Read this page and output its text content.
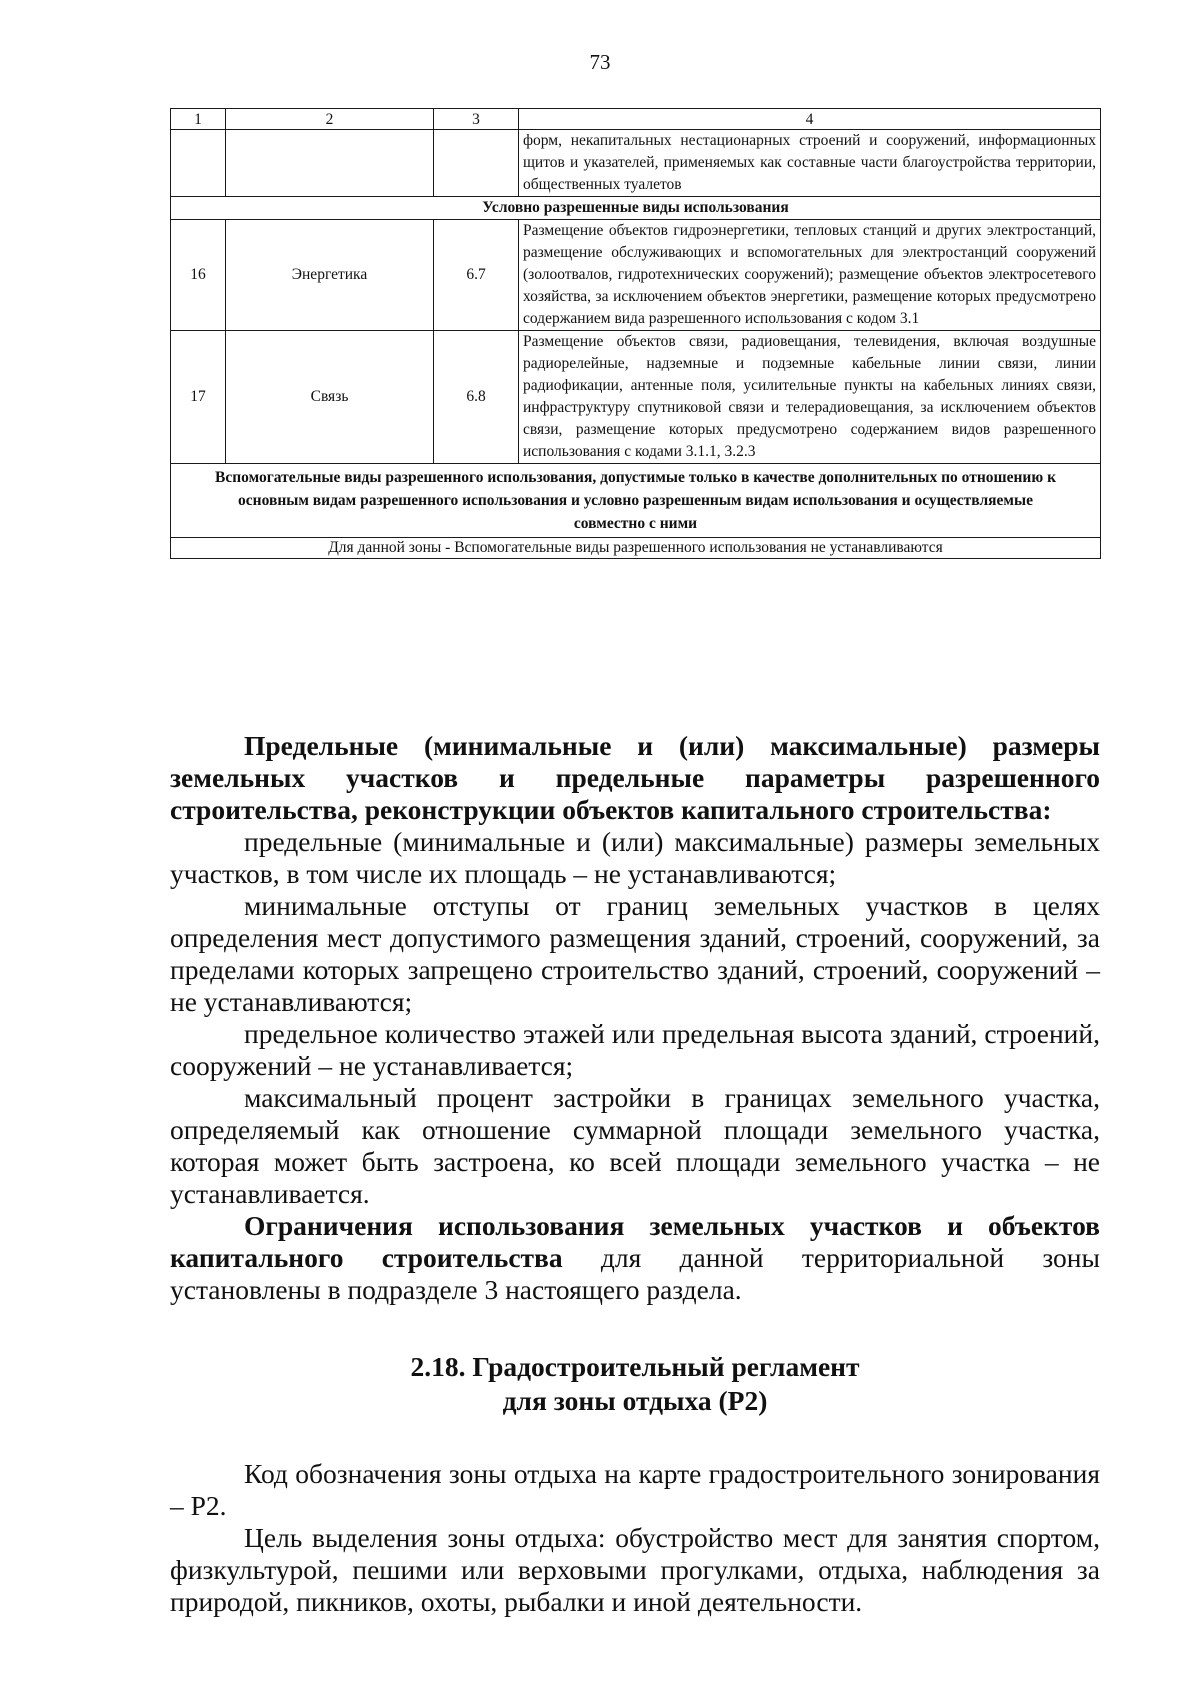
73
1	2	3	4
			форм, некапитальных нестационарных строений и сооружений, информационных щитов и указателей, применяемых как составные части благоустройства территории, общественных туалетов
Условно разрешенные виды использования			
16	Энергетика	6.7	Размещение объектов гидроэнергетики, тепловых станций и других электростанций, размещение обслуживающих и вспомогательных для электростанций сооружений (золоотвалов, гидротехнических сооружений); размещение объектов электросетевого хозяйства, за исключением объектов энергетики, размещение которых предусмотрено содержанием вида разрешенного использования с кодом 3.1
17	Связь	6.8	Размещение объектов связи, радиовещания, телевидения, включая воздушные радиорелейные, надземные и подземные кабельные линии связи, линии радиофикации, антенные поля, усилительные пункты на кабельных линиях связи, инфраструктуру спутниковой связи и телерадиовещания, за исключением объектов связи, размещение которых предусмотрено содержанием видов разрешенного использования с кодами 3.1.1, 3.2.3
Вспомогательные виды разрешенного использования, допустимые только в качестве дополнительных по отношению к основным видам разрешенного использования и условно разрешенным видам использования и осуществляемые совместно с ними			
Для данной зоны - Вспомогательные виды разрешенного использования не устанавливаются			

Предельные (минимальные и (или) максимальные) размеры земельных участков и предельные параметры разрешенного строительства, реконструкции объектов капитального строительства:

предельные (минимальные и (или) максимальные) размеры земельных участков, в том числе их площадь – не устанавливаются;

минимальные отступы от границ земельных участков в целях определения мест допустимого размещения зданий, строений, сооружений, за пределами которых запрещено строительство зданий, строений, сооружений – не устанавливаются;

предельное количество этажей или предельная высота зданий, строений, сооружений – не устанавливается;

максимальный процент застройки в границах земельного участка, определяемый как отношение суммарной площади земельного участка, которая может быть застроена, ко всей площади земельного участка – не устанавливается.

Ограничения использования земельных участков и объектов капитального строительства для данной территориальной зоны установлены в подразделе 3 настоящего раздела.

2.18. Градостроительный регламент
для зоны отдыха (Р2)

Код обозначения зоны отдыха на карте градостроительного зонирования – Р2.

Цель выделения зоны отдыха: обустройство мест для занятия спортом, физкультурой, пешими или верховыми прогулками, отдыха, наблюдения за природой, пикников, охоты, рыбалки и иной деятельности.
